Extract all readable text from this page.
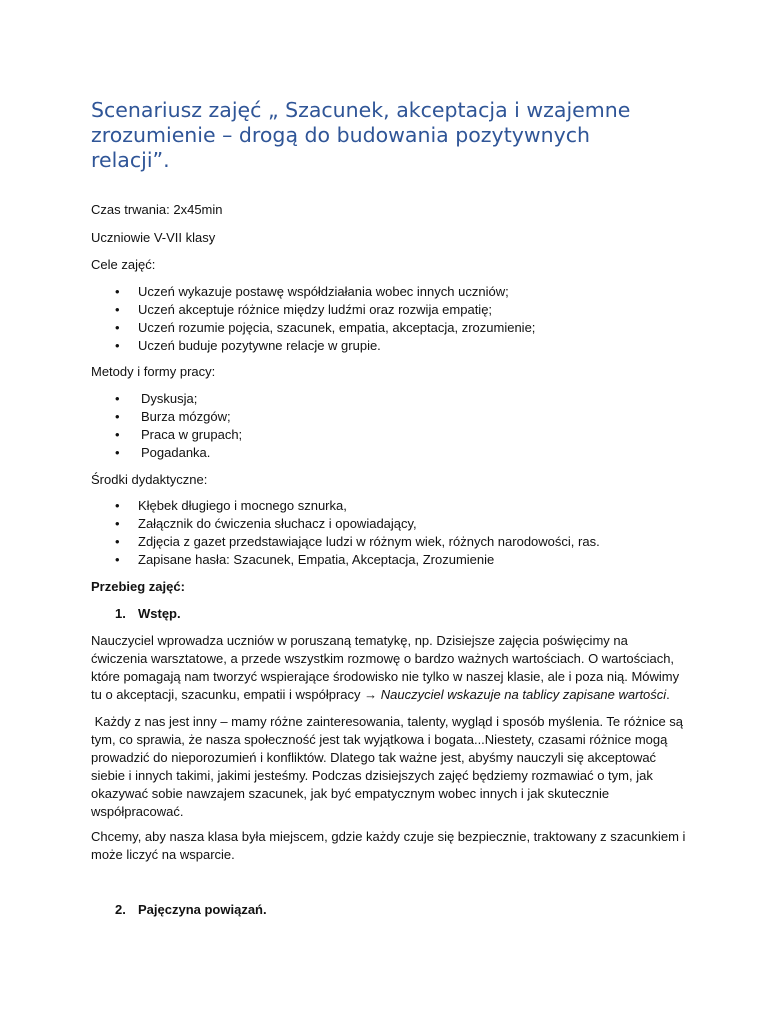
Scenariusz zajęć „ Szacunek, akceptacja i wzajemne
zrozumienie – drogą do budowania pozytywnych
relacji”.

Czas trwania: 2x45min

Uczniowie V-VII klasy

Cele zajęć:

• Uczeń wykazuje postawę współdziałania wobec innych uczniów;
• Uczeń akceptuje różnice między ludźmi oraz rozwija empatię;
• Uczeń rozumie pojęcia, szacunek, empatia, akceptacja, zrozumienie;
• Uczeń buduje pozytywne relacje w grupie.

Metody i formy pracy:

• Dyskusja;
• Burza mózgów;
• Praca w grupach;
• Pogadanka.

Środki dydaktyczne:

• Kłębek długiego i mocnego sznurka,
• Załącznik do ćwiczenia słuchacz i opowiadający,
• Zdjęcia z gazet przedstawiające ludzi w różnym wiek, różnych narodowości, ras.
• Zapisane hasła: Szacunek, Empatia, Akceptacja, Zrozumienie

Przebieg zajęć:

1. Wstęp.
Nauczyciel wprowadza uczniów w poruszaną tematykę, np. Dzisiejsze zajęcia poświęcimy na
ćwiczenia warsztatowe, a przede wszystkim rozmowę o bardzo ważnych wartościach. O wartościach,
które pomagają nam tworzyć wspierające środowisko nie tylko w naszej klasie, ale i poza nią. Mówimy
tu o akceptacji, szacunku, empatii i współpracy → Nauczyciel wskazuje na tablicy zapisane wartości.
Każdy z nas jest inny – mamy różne zainteresowania, talenty, wygląd i sposób myślenia. Te różnice są
tym, co sprawia, że nasza społeczność jest tak wyjątkowa i bogata...Niestety, czasami różnice mogą
prowadzić do nieporozumień i konfliktów. Dlatego tak ważne jest, abyśmy nauczyli się akceptować
siebie i innych takimi, jakimi jesteśmy. Podczas dzisiejszych zajęć będziemy rozmawiać o tym, jak
okazywać sobie nawzajem szacunek, jak być empatycznym wobec innych i jak skutecznie
współpracować.
Chcemy, aby nasza klasa była miejscem, gdzie każdy czuje się bezpiecznie, traktowany z szacunkiem i
może liczyć na wsparcie.
2. Pajęczyna powiązań.
